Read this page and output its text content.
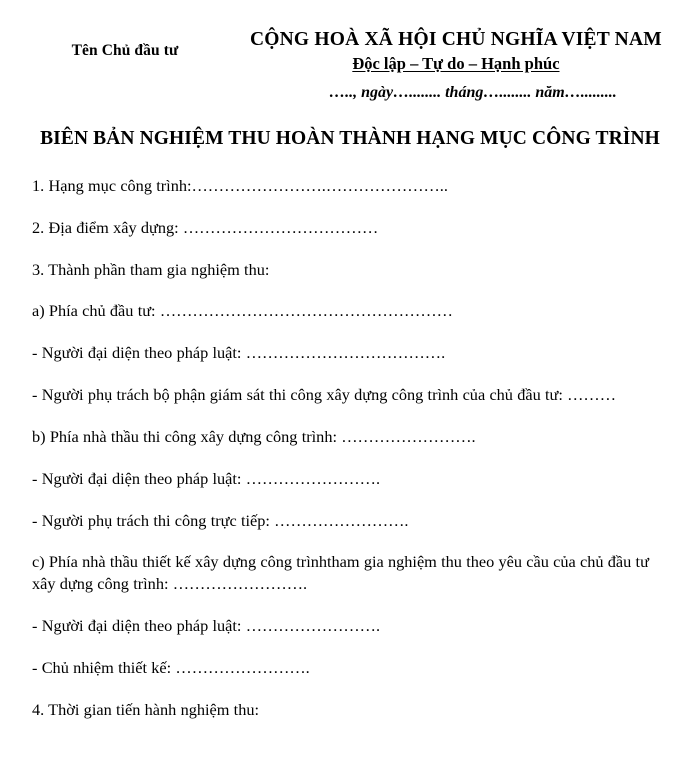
Tên Chủ đầu tư
CỘNG HOÀ XÃ HỘI CHỦ NGHĨA VIỆT NAM
Độc lập – Tự do – Hạnh phúc
….., ngày…........ tháng…........ năm….........
BIÊN BẢN NGHIỆM THU HOÀN THÀNH HẠNG MỤC CÔNG TRÌNH

1. Hạng mục công trình:…………………….…………………..

2. Địa điểm xây dựng: ………………………………

3. Thành phần tham gia nghiệm thu:

a) Phía chủ đầu tư: ………………………………………………

- Người đại diện theo pháp luật: ……………………………….

- Người phụ trách bộ phận giám sát thi công xây dựng công trình của chủ đầu tư: ………

b) Phía nhà thầu thi công xây dựng công trình: …………………….

- Người đại diện theo pháp luật: …………………….

- Người phụ trách thi công trực tiếp: …………………….

c) Phía nhà thầu thiết kế xây dựng công trìnhtham gia nghiệm thu theo yêu cầu của chủ đầu tư xây dựng công trình: …………………….

- Người đại diện theo pháp luật: …………………….

- Chủ nhiệm thiết kế: …………………….

4. Thời gian tiến hành nghiệm thu:
